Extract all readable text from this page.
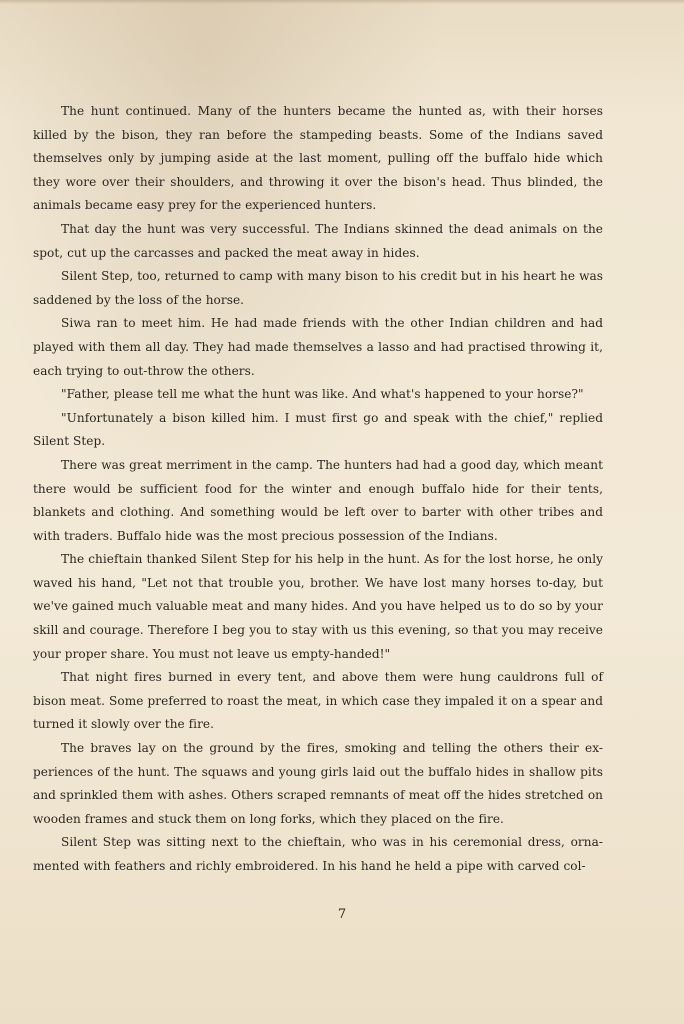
The hunt continued. Many of the hunters became the hunted as, with their horses killed by the bison, they ran before the stampeding beasts. Some of the Indians saved themselves only by jumping aside at the last moment, pulling off the buffalo hide which they wore over their shoulders, and throwing it over the bison's head. Thus blinded, the animals became easy prey for the experienced hunters.

That day the hunt was very successful. The Indians skinned the dead animals on the spot, cut up the carcasses and packed the meat away in hides.

Silent Step, too, returned to camp with many bison to his credit but in his heart he was saddened by the loss of the horse.

Siwa ran to meet him. He had made friends with the other Indian children and had played with them all day. They had made themselves a lasso and had practised throwing it, each trying to out-throw the others.

"Father, please tell me what the hunt was like. And what's happened to your horse?"

"Unfortunately a bison killed him. I must first go and speak with the chief," replied Silent Step.

There was great merriment in the camp. The hunters had had a good day, which meant there would be sufficient food for the winter and enough buffalo hide for their tents, blankets and clothing. And something would be left over to barter with other tribes and with traders. Buffalo hide was the most precious possession of the Indians.

The chieftain thanked Silent Step for his help in the hunt. As for the lost horse, he only waved his hand, "Let not that trouble you, brother. We have lost many horses to-day, but we've gained much valuable meat and many hides. And you have helped us to do so by your skill and courage. Therefore I beg you to stay with us this evening, so that you may receive your proper share. You must not leave us empty-handed!"

That night fires burned in every tent, and above them were hung cauldrons full of bison meat. Some preferred to roast the meat, in which case they impaled it on a spear and turned it slowly over the fire.

The braves lay on the ground by the fires, smoking and telling the others their ex-periences of the hunt. The squaws and young girls laid out the buffalo hides in shallow pits and sprinkled them with ashes. Others scraped remnants of meat off the hides stretched on wooden frames and stuck them on long forks, which they placed on the fire.

Silent Step was sitting next to the chieftain, who was in his ceremonial dress, orna-mented with feathers and richly embroidered. In his hand he held a pipe with carved col-

7
